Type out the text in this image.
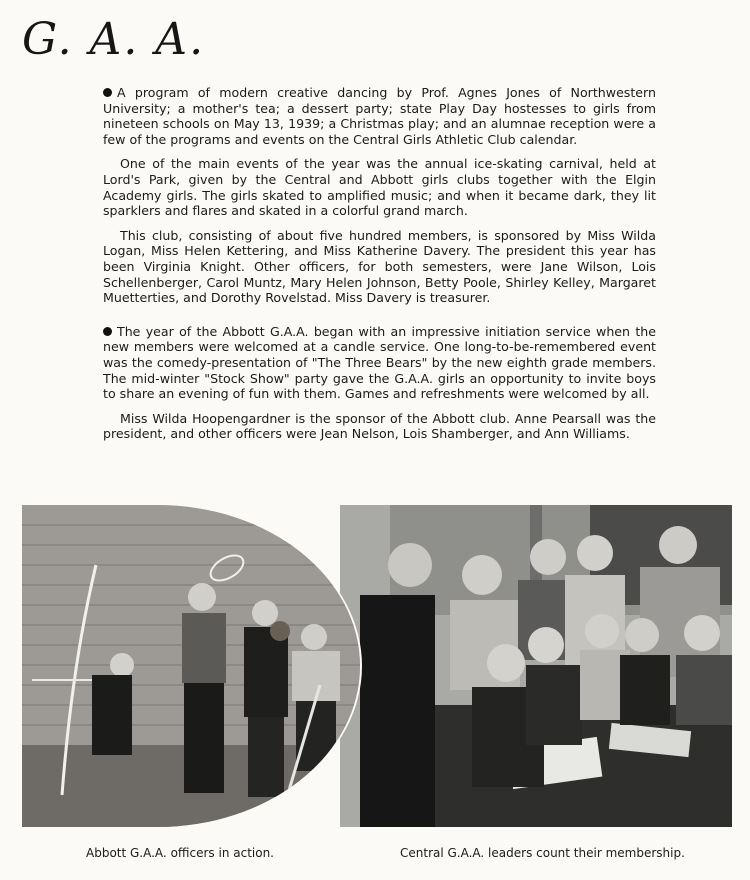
G. A. A.

A program of modern creative dancing by Prof. Agnes Jones of Northwestern University; a mother's tea; a dessert party; state Play Day hostesses to girls from nineteen schools on May 13, 1939; a Christmas play; and an alumnae reception were a few of the programs and events on the Central Girls Athletic Club calendar.

One of the main events of the year was the annual ice-skating carnival, held at Lord's Park, given by the Central and Abbott girls clubs together with the Elgin Academy girls. The girls skated to amplified music; and when it became dark, they lit sparklers and flares and skated in a colorful grand march.

This club, consisting of about five hundred members, is sponsored by Miss Wilda Logan, Miss Helen Kettering, and Miss Katherine Davery. The president this year has been Virginia Knight. Other officers, for both semesters, were Jane Wilson, Lois Schellenberger, Carol Muntz, Mary Helen Johnson, Betty Poole, Shirley Kelley, Margaret Muetterties, and Dorothy Rovelstad. Miss Davery is treasurer.

The year of the Abbott G.A.A. began with an impressive initiation service when the new members were welcomed at a candle service. One long-to-be-remembered event was the comedy-presentation of "The Three Bears" by the new eighth grade members. The mid-winter "Stock Show" party gave the G.A.A. girls an opportunity to invite boys to share an evening of fun with them. Games and refreshments were welcomed by all.

Miss Wilda Hoopengardner is the sponsor of the Abbott club. Anne Pearsall was the president, and other officers were Jean Nelson, Lois Shamberger, and Ann Williams.

Abbott G.A.A. officers in action.	Central G.A.A. leaders count their membership.
